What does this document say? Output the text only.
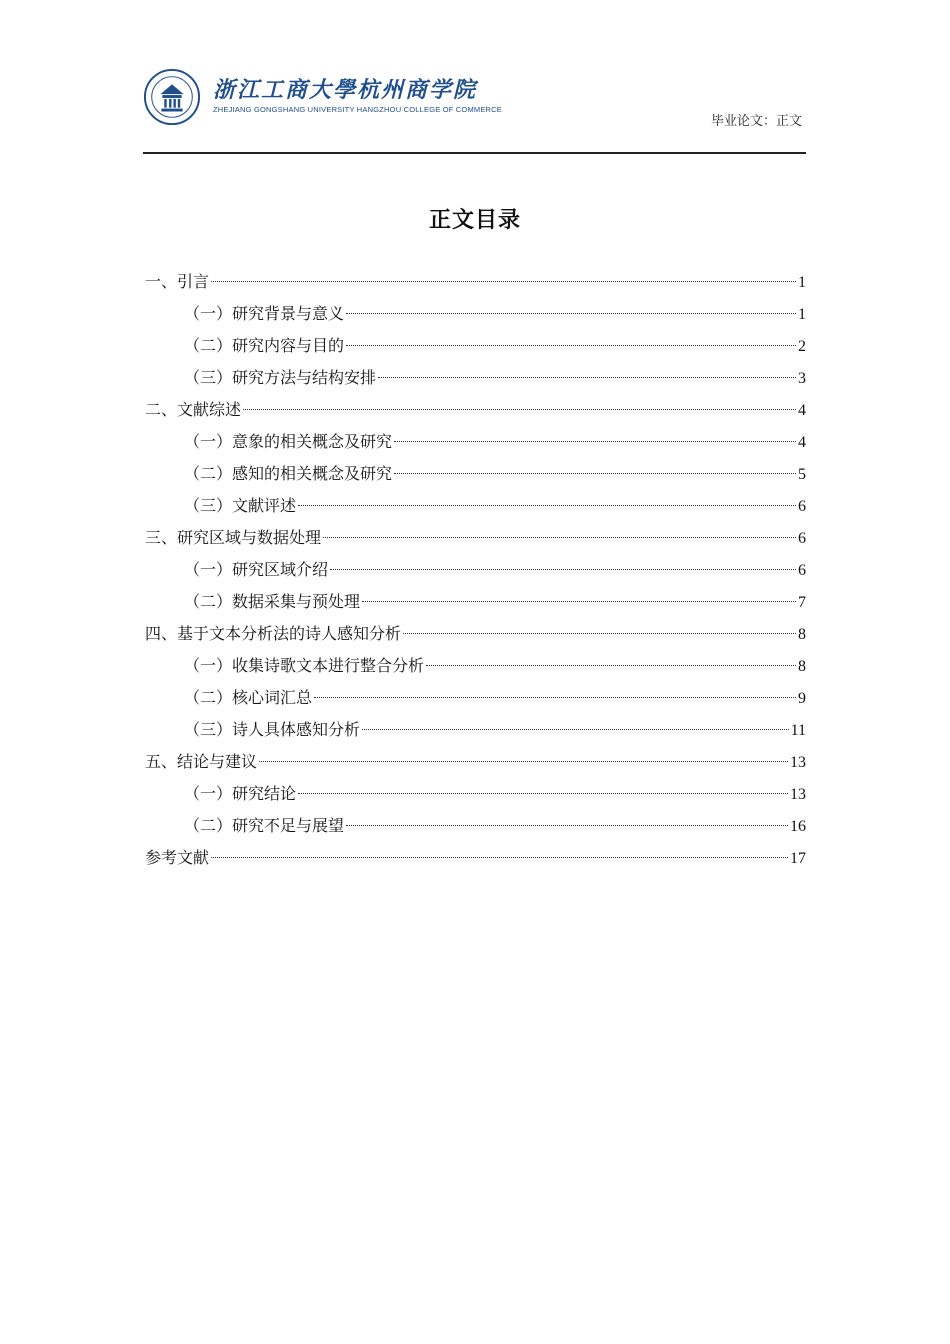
浙江工商大學杭州商学院
ZHEJIANG GONGSHANG UNIVERSITY HANGZHOU COLLEGE OF COMMERCE
毕业论文：正文
正文目录
一、引言	1
（一）研究背景与意义	1
（二）研究内容与目的	2
（三）研究方法与结构安排	3
二、文献综述	4
（一）意象的相关概念及研究	4
（二）感知的相关概念及研究	5
（三）文献评述	6
三、研究区域与数据处理	6
（一）研究区域介绍	6
（二）数据采集与预处理	7
四、基于文本分析法的诗人感知分析	8
（一）收集诗歌文本进行整合分析	8
（二）核心词汇总	9
（三）诗人具体感知分析	11
五、结论与建议	13
（一）研究结论	13
（二）研究不足与展望	16
参考文献	17
